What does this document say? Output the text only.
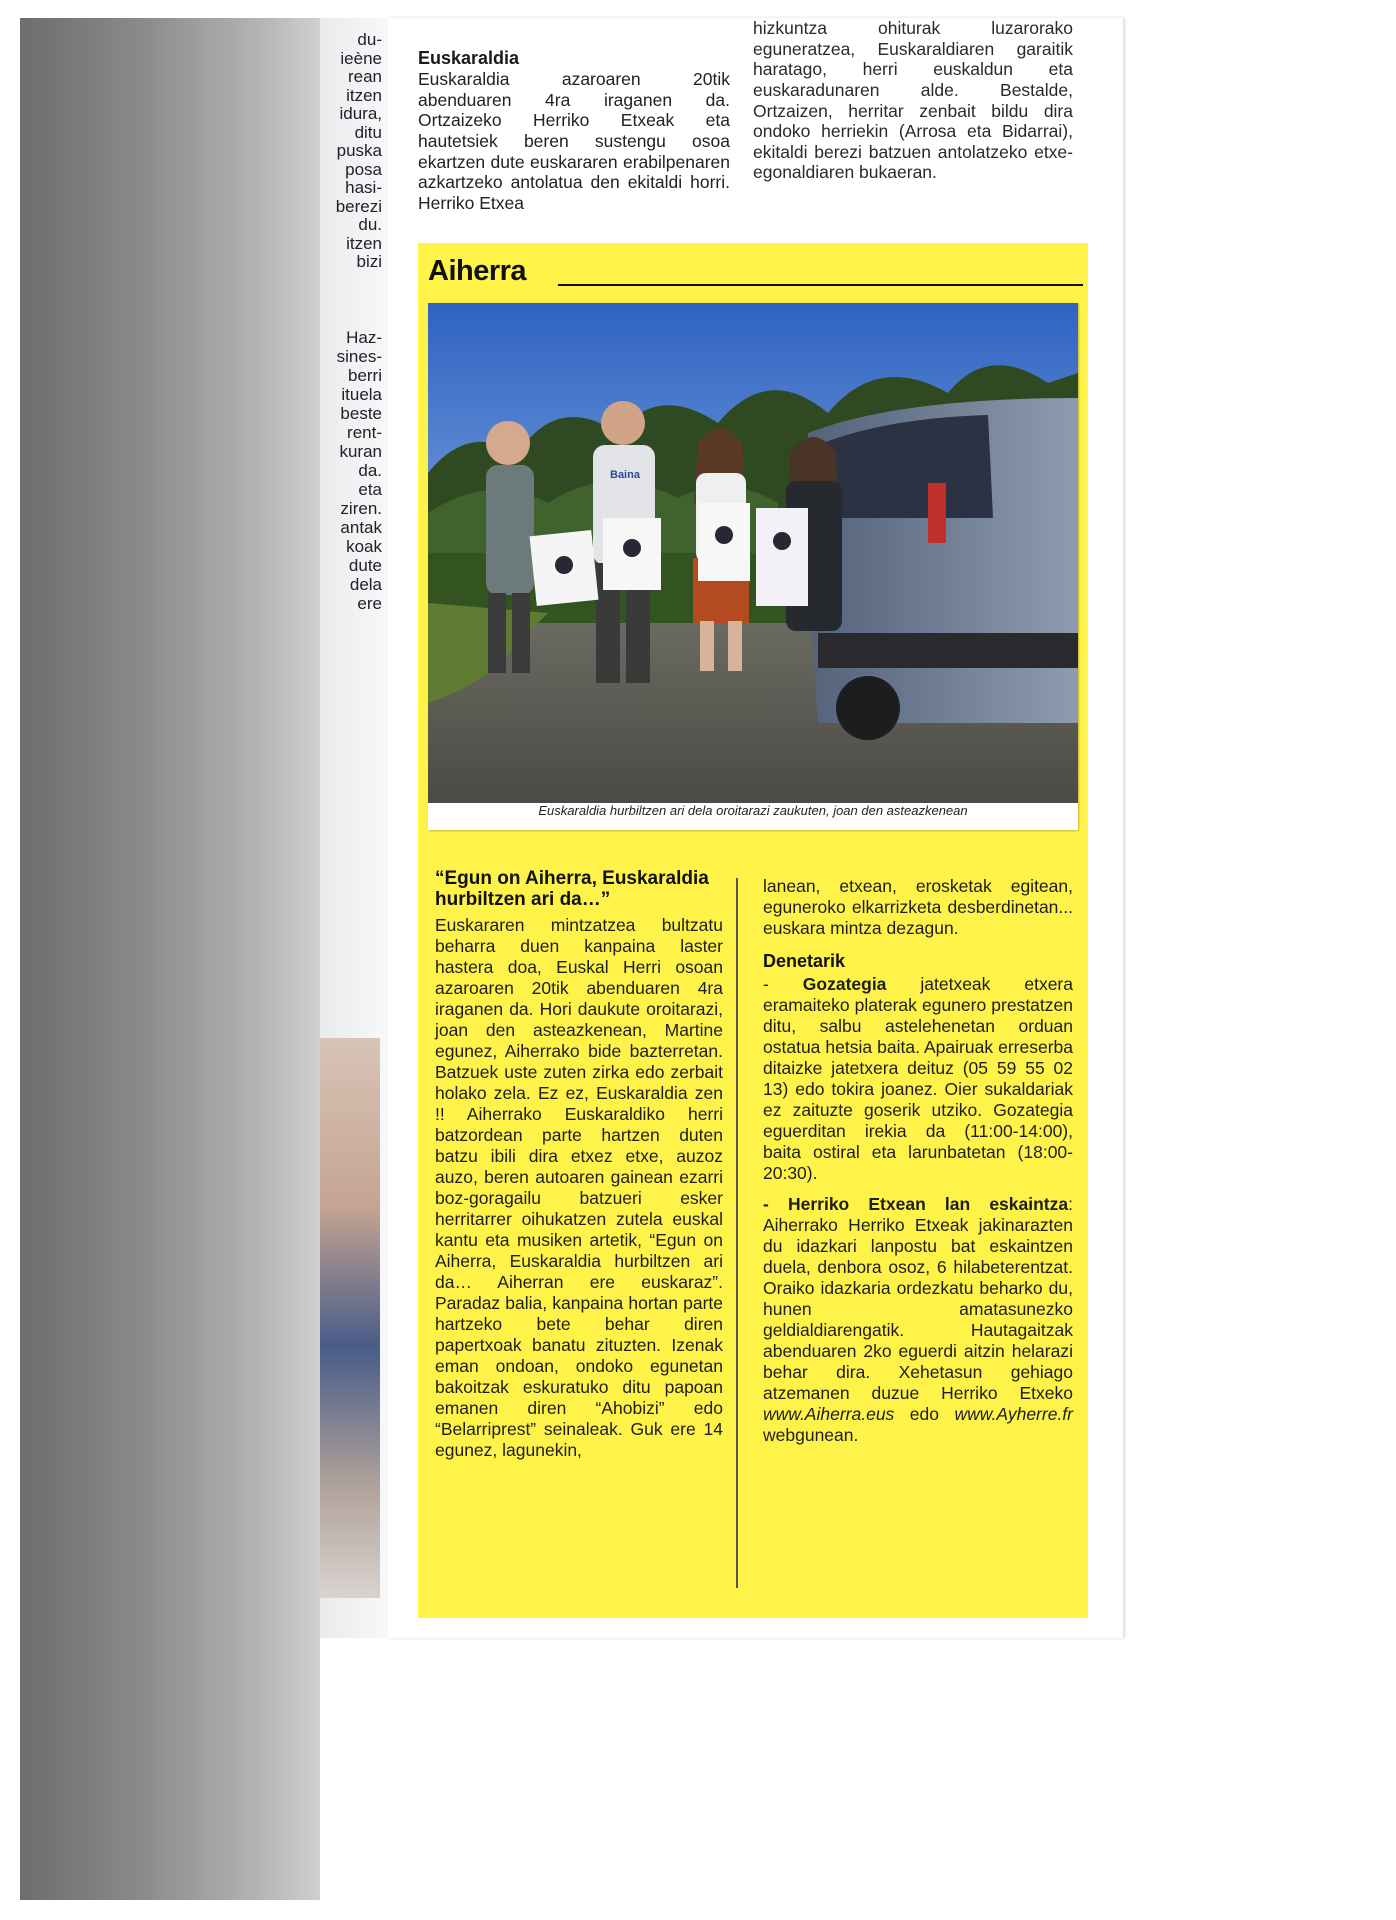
du-
ieène
rean
itzen
idura,
ditu
puska
posa
hasi-
berezi
du.
itzen
bizi
Haz-
sines-
berri
ituela
beste
rent-
kuran
da.
eta
ziren.
antak
koak
dute
dela
ere

Euskaraldia

Euskaraldia azaroaren 20tik abenduaren 4ra iraganen da. Ortzaizeko Herriko Etxeak eta hautetsiek beren sustengu osoa ekartzen dute euskararen erabilpenaren azkartzeko antolatua den ekitaldi horri. Herriko Etxea

hizkuntza ohiturak luzarorako eguneratzea, Euskaraldiaren garaitik haratago, herri euskaldun eta euskaradunaren alde. Bestalde, Ortzaizen, herritar zenbait bildu dira ondoko herriekin (Arrosa eta Bidarrai), ekitaldi berezi batzuen antolatzeko etxe-egonaldiaren bukaeran.

Aiherra
Baina
Euskaraldia hurbiltzen ari dela oroitarazi zaukuten, joan den asteazkenean

“Egun on Aiherra, Euskaraldia hurbiltzen ari da…”

Euskararen mintzatzea bultzatu beharra duen kanpaina laster hastera doa, Euskal Herri osoan azaroaren 20tik abenduaren 4ra iraganen da. Hori daukute oroitarazi, joan den asteazkenean, Martine egunez, Aiherrako bide bazterretan. Batzuek uste zuten zirka edo zerbait holako zela. Ez ez, Euskaraldia zen !! Aiherrako Euskaraldiko herri batzordean parte hartzen duten batzu ibili dira etxez etxe, auzoz auzo, beren autoaren gainean ezarri boz-goragailu batzueri esker herritarrer oihukatzen zutela euskal kantu eta musiken artetik, “Egun on Aiherra, Euskaraldia hurbiltzen ari da… Aiherran ere euskaraz”. Paradaz balia, kanpaina hortan parte hartzeko bete behar diren papertxoak banatu zituzten. Izenak eman ondoan, ondoko egunetan bakoitzak eskuratuko ditu papoan emanen diren “Ahobizi” edo “Belarriprest” seinaleak. Guk ere 14 egunez, lagunekin,

lanean, etxean, erosketak egitean, eguneroko elkarrizketa desberdinetan... euskara mintza dezagun.

Denetarik

- Gozategia jatetxeak etxera eramaiteko platerak egunero prestatzen ditu, salbu astelehenetan orduan ostatua hetsia baita. Apairuak erreserba ditaizke jatetxera deituz (05 59 55 02 13) edo tokira joanez. Oier sukaldariak ez zaituzte goserik utziko. Gozategia eguerditan irekia da (11:00-14:00), baita ostiral eta larunbatetan (18:00-20:30).

- Herriko Etxean lan eskaintza: Aiherrako Herriko Etxeak jakinarazten du idazkari lanpostu bat eskaintzen duela, denbora osoz, 6 hilabeterentzat. Oraiko idazkaria ordezkatu beharko du, hunen amatasunezko geldialdiarengatik. Hautagaitzak abenduaren 2ko eguerdi aitzin helarazi behar dira. Xehetasun gehiago atzemanen duzue Herriko Etxeko www.Aiherra.eus edo www.Ayherre.fr webgunean.
